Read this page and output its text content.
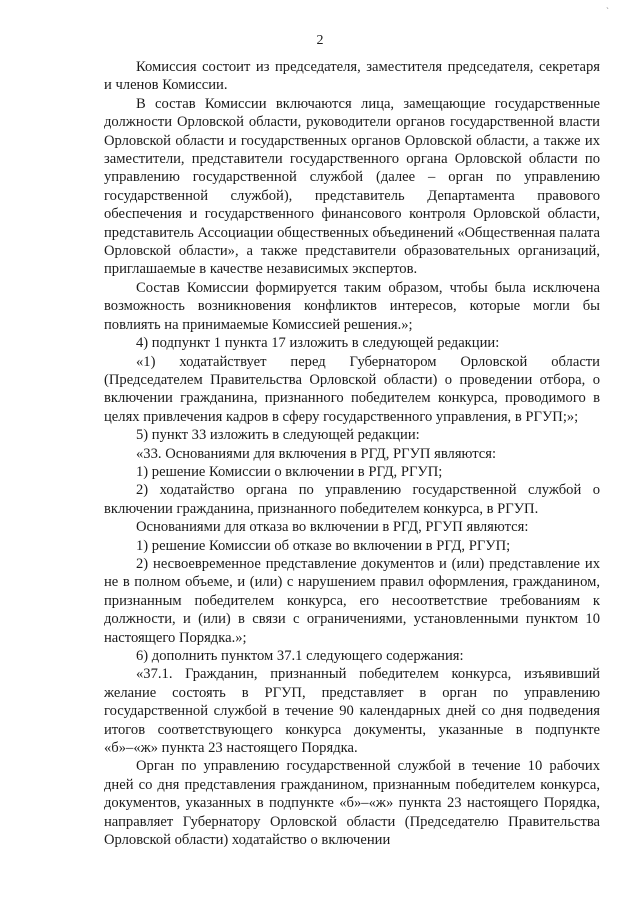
`
2

Комиссия состоит из председателя, заместителя председателя, секретаря и членов Комиссии.

В состав Комиссии включаются лица, замещающие государственные должности Орловской области, руководители органов государственной власти Орловской области и государственных органов Орловской области, а также их заместители, представители государственного органа Орловской области по управлению государственной службой (далее – орган по управлению государственной службой), представитель Департамента правового обеспечения и государственного финансового контроля Орловской области, представитель Ассоциации общественных объединений «Общественная палата Орловской области», а также представители образовательных организаций, приглашаемые в качестве независимых экспертов.

Состав Комиссии формируется таким образом, чтобы была исключена возможность возникновения конфликтов интересов, которые могли бы повлиять на принимаемые Комиссией решения.»;

4) подпункт 1 пункта 17 изложить в следующей редакции:

«1) ходатайствует перед Губернатором Орловской области (Председателем Правительства Орловской области) о проведении отбора, о включении гражданина, признанного победителем конкурса, проводимого в целях привлечения кадров в сферу государственного управления, в РГУП;»;

5) пункт 33 изложить в следующей редакции:

«33. Основаниями для включения в РГД, РГУП являются:

1) решение Комиссии о включении в РГД, РГУП;

2) ходатайство органа по управлению государственной службой о включении гражданина, признанного победителем конкурса, в РГУП.

Основаниями для отказа во включении в РГД, РГУП являются:

1) решение Комиссии об отказе во включении в РГД, РГУП;

2) несвоевременное представление документов и (или) представление их не в полном объеме, и (или) с нарушением правил оформления, гражданином, признанным победителем конкурса, его несоответствие требованиям к должности, и (или) в связи с ограничениями, установленными пунктом 10 настоящего Порядка.»;

6) дополнить пунктом 37.1 следующего содержания:

«37.1. Гражданин, признанный победителем конкурса, изъявивший желание состоять в РГУП, представляет в орган по управлению государственной службой в течение 90 календарных дней со дня подведения итогов соответствующего конкурса документы, указанные в подпункте «б»–«ж» пункта 23 настоящего Порядка.

Орган по управлению государственной службой в течение 10 рабочих дней со дня представления гражданином, признанным победителем конкурса, документов, указанных в подпункте «б»–«ж» пункта 23 настоящего Порядка, направляет Губернатору Орловской области (Председателю Правительства Орловской области) ходатайство о включении
